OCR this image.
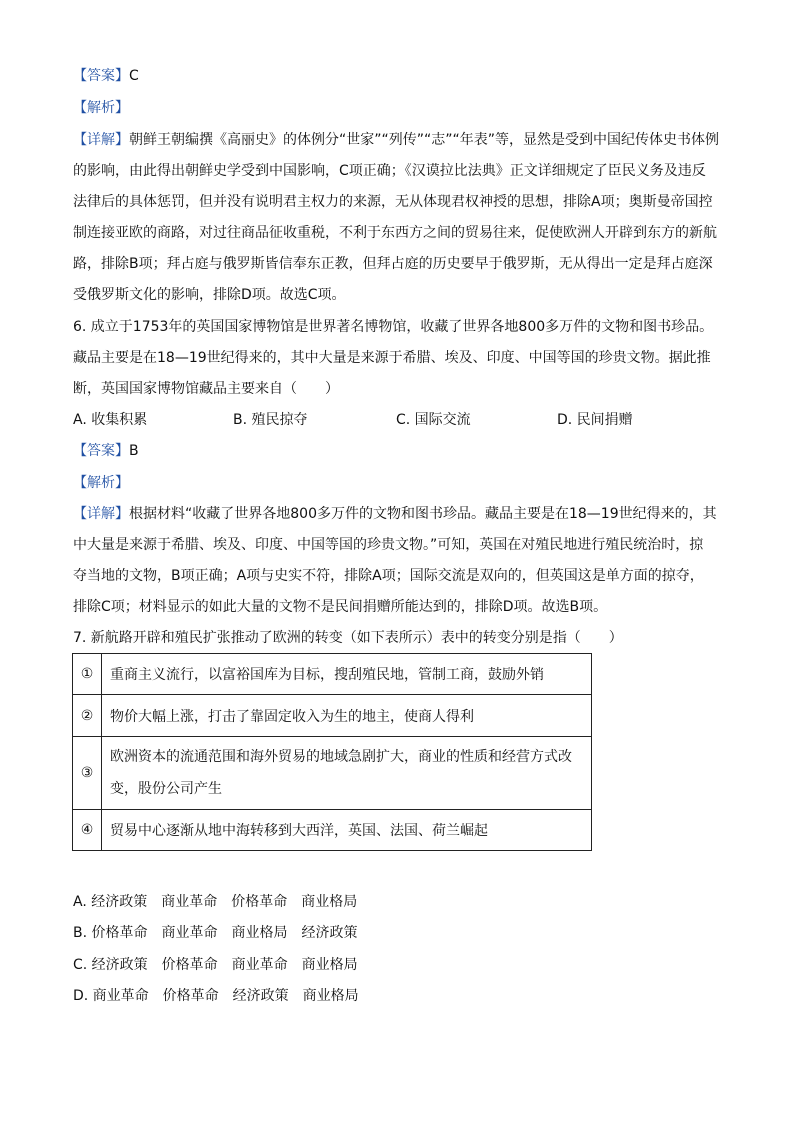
【答案】C
【解析】
【详解】朝鲜王朝编撰《高丽史》的体例分“世家”“列传”“志”“年表”等，显然是受到中国纪传体史书体例
的影响，由此得出朝鲜史学受到中国影响，C项正确；《汉谟拉比法典》正文详细规定了臣民义务及违反
法律后的具体惩罚，但并没有说明君主权力的来源，无从体现君权神授的思想，排除A项；奥斯曼帝国控
制连接亚欧的商路，对过往商品征收重税，不利于东西方之间的贸易往来，促使欧洲人开辟到东方的新航
路，排除B项；拜占庭与俄罗斯皆信奉东正教，但拜占庭的历史要早于俄罗斯，无从得出一定是拜占庭深
受俄罗斯文化的影响，排除D项。故选C项。
6. 成立于1753年的英国国家博物馆是世界著名博物馆，收藏了世界各地800多万件的文物和图书珍品。
藏品主要是在18—19世纪得来的，其中大量是来源于希腊、埃及、印度、中国等国的珍贵文物。据此推
断，英国国家博物馆藏品主要来自（　　）
A. 收集积累	B. 殖民掠夺	C. 国际交流	D. 民间捐赠
【答案】B
【解析】
【详解】根据材料“收藏了世界各地800多万件的文物和图书珍品。藏品主要是在18—19世纪得来的，其
中大量是来源于希腊、埃及、印度、中国等国的珍贵文物。”可知，英国在对殖民地进行殖民统治时，掠
夺当地的文物，B项正确；A项与史实不符，排除A项；国际交流是双向的，但英国这是单方面的掠夺，
排除C项；材料显示的如此大量的文物不是民间捐赠所能达到的，排除D项。故选B项。
7. 新航路开辟和殖民扩张推动了欧洲的转变（如下表所示）表中的转变分别是指（　　）
①	重商主义流行，以富裕国库为目标，搜刮殖民地，管制工商，鼓励外销
②	物价大幅上涨，打击了靠固定收入为生的地主，使商人得利
③	欧洲资本的流通范围和海外贸易的地域急剧扩大，商业的性质和经营方式改
变，股份公司产生

④	贸易中心逐渐从地中海转移到大西洋，英国、法国、荷兰崛起
A. 经济政策　商业革命　价格革命　商业格局
B. 价格革命　商业革命　商业格局　经济政策
C. 经济政策　价格革命　商业革命　商业格局
D. 商业革命　价格革命　经济政策　商业格局
